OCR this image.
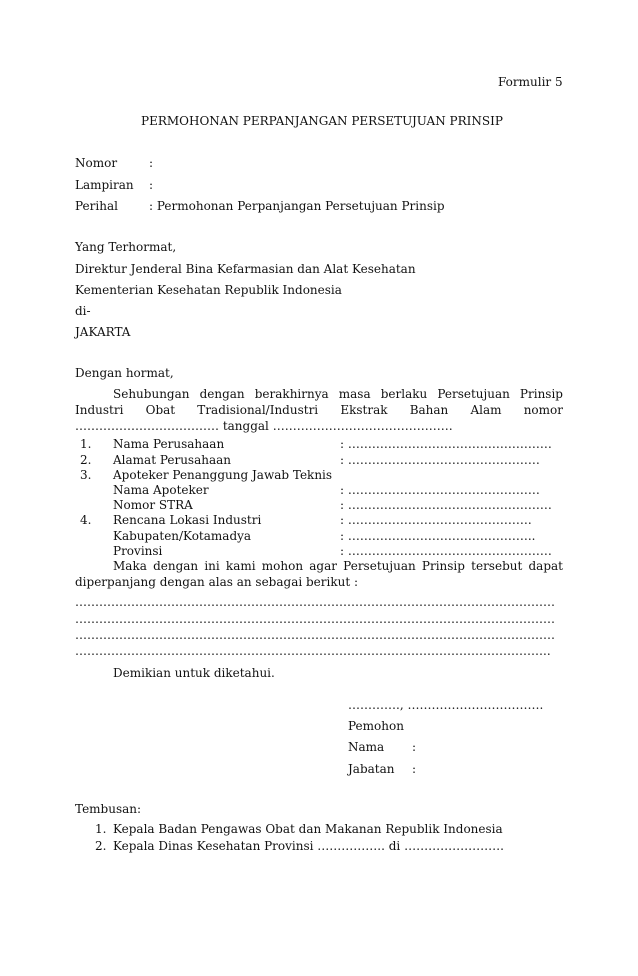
Formulir 5
PERMOHONAN PERPANJANGAN PERSETUJUAN PRINSIP
Nomor	:
Lampiran :
Perihal	: Permohonan Perpanjangan Persetujuan Prinsip
Yang Terhormat,
Direktur Jenderal Bina Kefarmasian dan Alat Kesehatan
Kementerian Kesehatan Republik Indonesia
di-
JAKARTA
Dengan hormat,
Sehubungan dengan berakhirnya masa berlaku Persetujuan Prinsip
Industri Obat Tradisional/Industri Ekstrak Bahan Alam nomor
……………………………… tanggal ………………………………………
1. Nama Perusahaan	: ……………………………………………
2. Alamat Perusahaan	: …………………………………………
3. Apoteker Penanggung Jawab Teknis
Nama Apoteker	: …………………………………………
Nomor STRA	: ……………………………………………
4. Rencana Lokasi Industri	: ……………………………………….
Kabupaten/Kotamadya	: ………………………………………..
Provinsi	: ……………………………………………
Maka dengan ini kami mohon agar Persetujuan Prinsip tersebut dapat
diperpanjang dengan alas an sebagai berikut :
…………………………………………………………………………………………………………
…………………………………………………………………………………………………………
…………………………………………………………………………………………………………
………………………………………………………………………………………………………..
Demikian untuk diketahui.
…………., …………………………….
Pemohon
Nama :
Jabatan :
Tembusan:
1. Kepala Badan Pengawas Obat dan Makanan Republik Indonesia
2. Kepala Dinas Kesehatan Provinsi …………….. di …………………….
